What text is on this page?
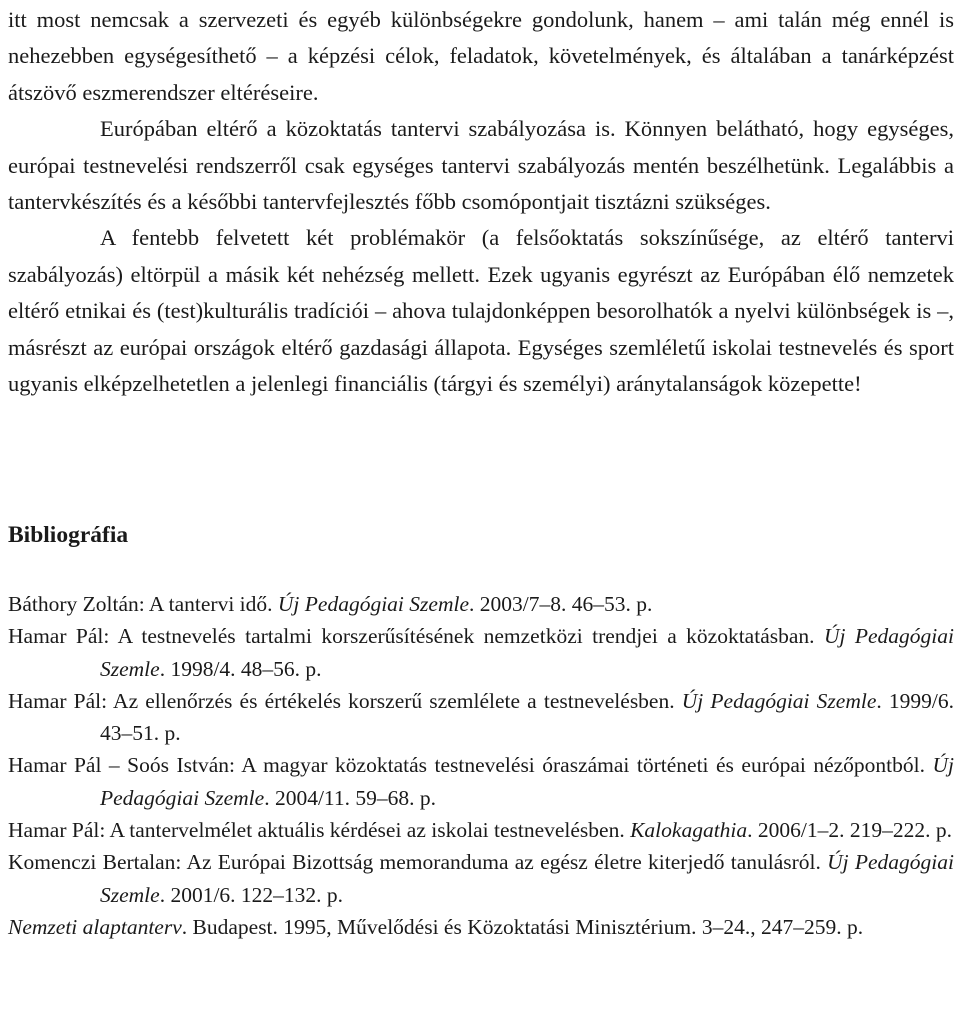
itt most nemcsak a szervezeti és egyéb különbségekre gondolunk, hanem – ami talán még ennél is nehezebben egységesíthető – a képzési célok, feladatok, követelmények, és általában a tanárképzést átszövő eszmerendszer eltéréseire.
Európában eltérő a közoktatás tantervi szabályozása is. Könnyen belátható, hogy egységes, európai testnevelési rendszerről csak egységes tantervi szabályozás mentén beszélhetünk. Legalábbis a tantervkészítés és a későbbi tantervfejlesztés főbb csomópontjait tisztázni szükséges.
A fentebb felvetett két problémakör (a felsőoktatás sokszínűsége, az eltérő tantervi szabályozás) eltörpül a másik két nehézség mellett. Ezek ugyanis egyrészt az Európában élő nemzetek eltérő etnikai és (test)kulturális tradíciói – ahova tulajdonképpen besorolhatók a nyelvi különbségek is –, másrészt az európai országok eltérő gazdasági állapota. Egységes szemléletű iskolai testnevelés és sport ugyanis elképzelhetetlen a jelenlegi financiális (tárgyi és személyi) aránytalanságok közepette!
Bibliográfia
Báthory Zoltán: A tantervi idő. Új Pedagógiai Szemle. 2003/7–8. 46–53. p.
Hamar Pál: A testnevelés tartalmi korszerűsítésének nemzetközi trendjei a közoktatásban. Új Pedagógiai Szemle. 1998/4. 48–56. p.
Hamar Pál: Az ellenőrzés és értékelés korszerű szemlélete a testnevelésben. Új Pedagógiai Szemle. 1999/6. 43–51. p.
Hamar Pál – Soós István: A magyar közoktatás testnevelési óraszámai történeti és európai nézőpontból. Új Pedagógiai Szemle. 2004/11. 59–68. p.
Hamar Pál: A tantervelmélet aktuális kérdései az iskolai testnevelésben. Kalokagathia. 2006/1–2. 219–222. p.
Komenczi Bertalan: Az Európai Bizottság memoranduma az egész életre kiterjedő tanulásról. Új Pedagógiai Szemle. 2001/6. 122–132. p.
Nemzeti alaptanterv. Budapest. 1995, Művelődési és Közoktatási Minisztérium. 3–24., 247–259. p.
